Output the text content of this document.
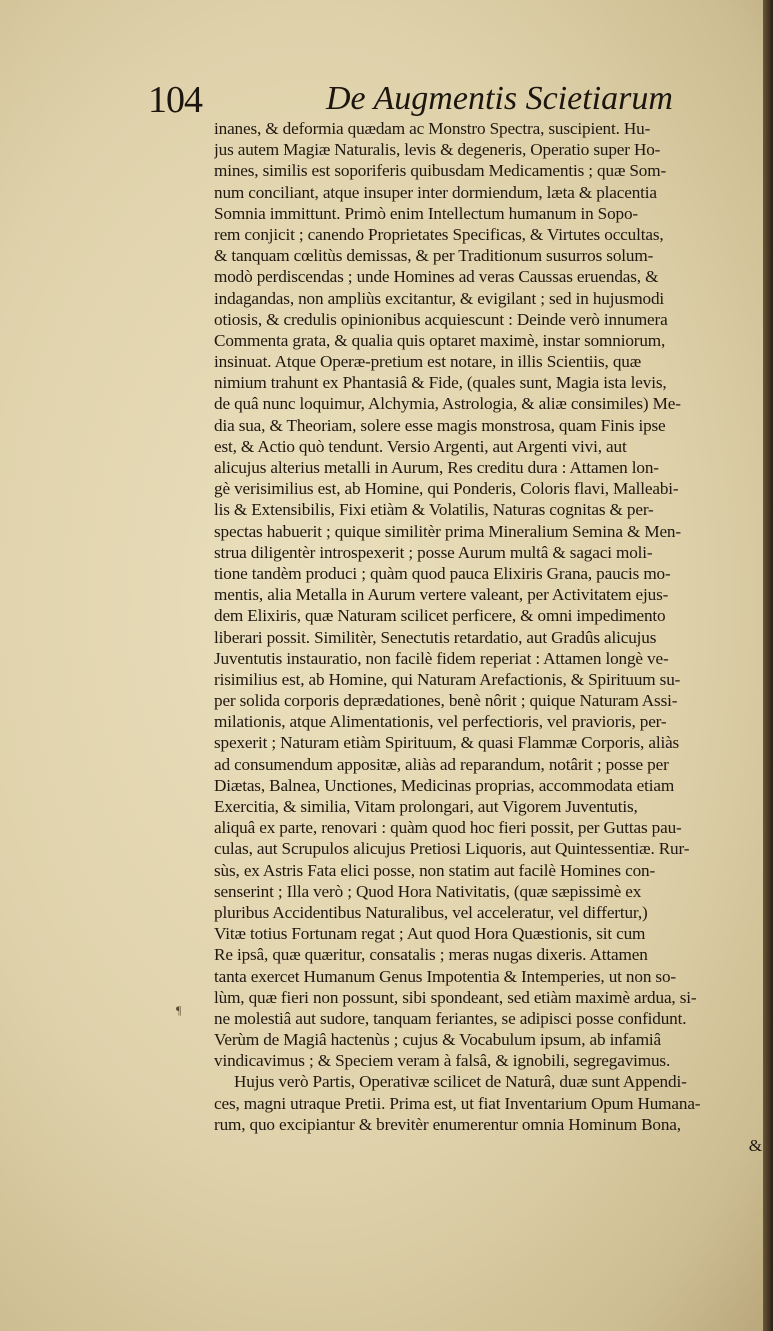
104	De Augmentis Scietiarum
inanes, & deformia quædam ac Monstro Spectra, suscipient. Hu-
jus autem Magiæ Naturalis, levis & degeneris, Operatio super Ho-
mines, similis est soporiferis quibusdam Medicamentis ; quæ Som-
num conciliant, atque insuper inter dormiendum, læta & placentia
Somnia immittunt. Primò enim Intellectum humanum in Sopo-
rem conjicit ; canendo Proprietates Specificas, & Virtutes occultas,
& tanquam cœlitùs demissas, & per Traditionum susurros solum-
modò perdiscendas ; unde Homines ad veras Caussas eruendas, &
indagandas, non ampliùs excitantur, & evigilant ; sed in hujusmodi
otiosis, & credulis opinionibus acquiescunt : Deinde verò innumera
Commenta grata, & qualia quis optaret maximè, instar somniorum,
insinuat. Atque Operæ-pretium est notare, in illis Scientiis, quæ
nimium trahunt ex Phantasiâ & Fide, (quales sunt, Magia ista levis,
de quâ nunc loquimur, Alchymia, Astrologia, & aliæ consimiles) Me-
dia sua, & Theoriam, solere esse magis monstrosa, quam Finis ipse
est, & Actio quò tendunt. Versio Argenti, aut Argenti vivi, aut
alicujus alterius metalli in Aurum, Res creditu dura : Attamen lon-
gè verisimilius est, ab Homine, qui Ponderis, Coloris flavi, Malleabi-
lis & Extensibilis, Fixi etiàm & Volatilis, Naturas cognitas & per-
spectas habuerit ; quique similitèr prima Mineralium Semina & Men-
strua diligentèr introspexerit ; posse Aurum multâ & sagaci moli-
tione tandèm produci ; quàm quod pauca Elixiris Grana, paucis mo-
mentis, alia Metalla in Aurum vertere valeant, per Activitatem ejus-
dem Elixiris, quæ Naturam scilicet perficere, & omni impedimento
liberari possit. Similitèr, Senectutis retardatio, aut Gradûs alicujus
Juventutis instauratio, non facilè fidem reperiat : Attamen longè ve-
risimilius est, ab Homine, qui Naturam Arefactionis, & Spirituum su-
per solida corporis deprædationes, benè nôrit ; quique Naturam Assi-
milationis, atque Alimentationis, vel perfectioris, vel pravioris, per-
spexerit ; Naturam etiàm Spirituum, & quasi Flammæ Corporis, aliàs
ad consumendum appositæ, aliàs ad reparandum, notârit ; posse per
Diætas, Balnea, Unctiones, Medicinas proprias, accommodata etiam
Exercitia, & similia, Vitam prolongari, aut Vigorem Juventutis,
aliquâ ex parte, renovari : quàm quod hoc fieri possit, per Guttas pau-
culas, aut Scrupulos alicujus Pretiosi Liquoris, aut Quintessentiæ. Rur-
sùs, ex Astris Fata elici posse, non statim aut facilè Homines con-
senserint ; Illa verò ; Quod Hora Nativitatis, (quæ sæpissimè ex
pluribus Accidentibus Naturalibus, vel acceleratur, vel differtur,)
Vitæ totius Fortunam regat ; Aut quod Hora Quæstionis, sit cum
Re ipsâ, quæ quæritur, consatalis ; meras nugas dixeris. Attamen
tanta exercet Humanum Genus Impotentia & Intemperies, ut non so-
lùm, quæ fieri non possunt, sibi spondeant, sed etiàm maximè ardua, si-
ne molestiâ aut sudore, tanquam feriantes, se adipisci posse confidunt.
Verùm de Magiâ hactenùs ; cujus & Vocabulum ipsum, ab infamiâ
vindicavimus ; & Speciem veram à falsâ, & ignobili, segregavimus.
Hujus verò Partis, Operativæ scilicet de Naturâ, duæ sunt Appendi-
ces, magni utraque Pretii. Prima est, ut fiat Inventarium Opum Humana-
rum, quo excipiantur & brevitèr enumerentur omnia Hominum Bona,
&
¶
